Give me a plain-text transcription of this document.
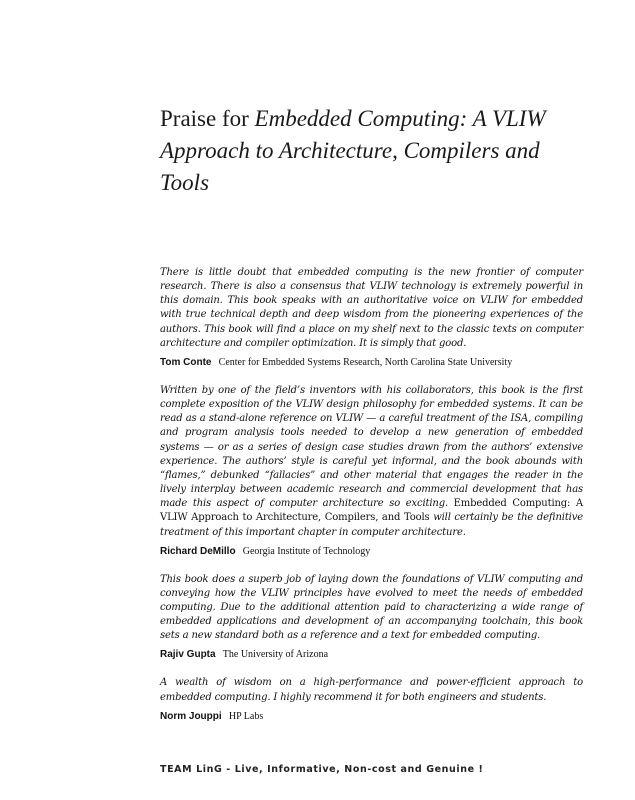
Praise for Embedded Computing: A VLIW Approach to Architecture, Compilers and Tools

There is little doubt that embedded computing is the new frontier of computer research. There is also a consensus that VLIW technology is extremely powerful in this domain. This book speaks with an authoritative voice on VLIW for embedded with true technical depth and deep wisdom from the pioneering experiences of the authors. This book will find a place on my shelf next to the classic texts on computer architecture and compiler optimization. It is simply that good.

Tom Conte Center for Embedded Systems Research, North Carolina State University

Written by one of the field’s inventors with his collaborators, this book is the first complete exposition of the VLIW design philosophy for embedded systems. It can be read as a stand-alone reference on VLIW — a careful treatment of the ISA, compiling and program analysis tools needed to develop a new generation of embedded systems — or as a series of design case studies drawn from the authors’ extensive experience. The authors’ style is careful yet informal, and the book abounds with “flames,” debunked “fallacies” and other material that engages the reader in the lively interplay between academic research and commercial development that has made this aspect of computer architecture so exciting. Embedded Computing: A VLIW Approach to Architecture, Compilers, and Tools will certainly be the definitive treatment of this important chapter in computer architecture.

Richard DeMillo Georgia Institute of Technology

This book does a superb job of laying down the foundations of VLIW computing and conveying how the VLIW principles have evolved to meet the needs of embedded computing. Due to the additional attention paid to characterizing a wide range of embedded applications and development of an accompanying toolchain, this book sets a new standard both as a reference and a text for embedded computing.

Rajiv Gupta The University of Arizona

A wealth of wisdom on a high-performance and power-efficient approach to embedded computing. I highly recommend it for both engineers and students.

Norm Jouppi HP Labs
TEAM LinG - Live, Informative, Non-cost and Genuine !
